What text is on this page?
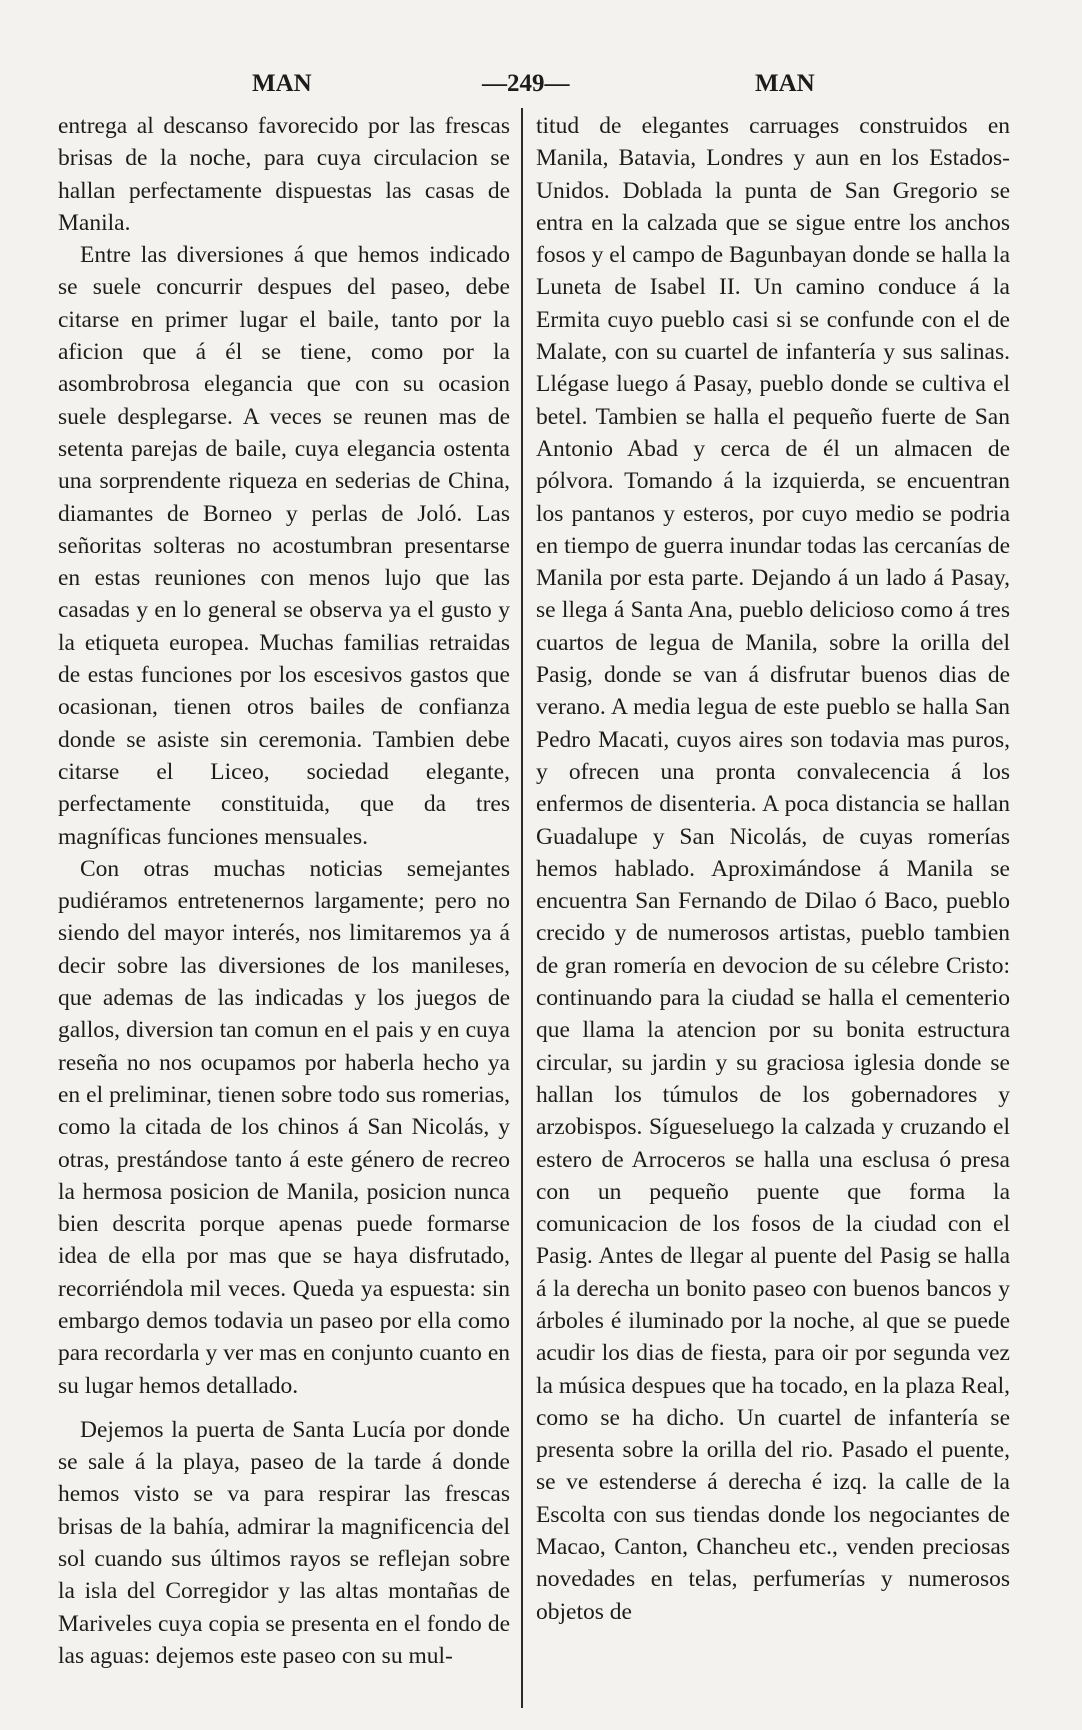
MAN	—249—	MAN

entrega al descanso favorecido por las frescas brisas de la noche, para cuya circulacion se hallan perfectamente dispuestas las casas de Manila.

Entre las diversiones á que hemos indicado se suele concurrir despues del paseo, debe citarse en primer lugar el baile, tanto por la aficion que á él se tiene, como por la asombrobrosa elegancia que con su ocasion suele desplegarse. A veces se reunen mas de setenta parejas de baile, cuya elegancia ostenta una sorprendente riqueza en sederias de China, diamantes de Borneo y perlas de Joló. Las señoritas solteras no acostumbran presentarse en estas reuniones con menos lujo que las casadas y en lo general se observa ya el gusto y la etiqueta europea. Muchas familias retraidas de estas funciones por los escesivos gastos que ocasionan, tienen otros bailes de confianza donde se asiste sin ceremonia. Tambien debe citarse el Liceo, sociedad elegante, perfectamente constituida, que da tres magníficas funciones mensuales.

Con otras muchas noticias semejantes pudiéramos entretenernos largamente; pero no siendo del mayor interés, nos limitaremos ya á decir sobre las diversiones de los manileses, que ademas de las indicadas y los juegos de gallos, diversion tan comun en el pais y en cuya reseña no nos ocupamos por haberla hecho ya en el preliminar, tienen sobre todo sus romerias, como la citada de los chinos á San Nicolás, y otras, prestándose tanto á este género de recreo la hermosa posicion de Manila, posicion nunca bien descrita porque apenas puede formarse idea de ella por mas que se haya disfrutado, recorriéndola mil veces. Queda ya espuesta: sin embargo demos todavia un paseo por ella como para recordarla y ver mas en conjunto cuanto en su lugar hemos detallado.

Dejemos la puerta de Santa Lucía por donde se sale á la playa, paseo de la tarde á donde hemos visto se va para respirar las frescas brisas de la bahía, admirar la magnificencia del sol cuando sus últimos rayos se reflejan sobre la isla del Corregidor y las altas montañas de Mariveles cuya copia se presenta en el fondo de las aguas: dejemos este paseo con su mul-

titud de elegantes carruages construidos en Manila, Batavia, Londres y aun en los Estados-Unidos. Doblada la punta de San Gregorio se entra en la calzada que se sigue entre los anchos fosos y el campo de Bagunbayan donde se halla la Luneta de Isabel II. Un camino conduce á la Ermita cuyo pueblo casi si se confunde con el de Malate, con su cuartel de infantería y sus salinas. Llégase luego á Pasay, pueblo donde se cultiva el betel. Tambien se halla el pequeño fuerte de San Antonio Abad y cerca de él un almacen de pólvora. Tomando á la izquierda, se encuentran los pantanos y esteros, por cuyo medio se podria en tiempo de guerra inundar todas las cercanías de Manila por esta parte. Dejando á un lado á Pasay, se llega á Santa Ana, pueblo delicioso como á tres cuartos de legua de Manila, sobre la orilla del Pasig, donde se van á disfrutar buenos dias de verano. A media legua de este pueblo se halla San Pedro Macati, cuyos aires son todavia mas puros, y ofrecen una pronta convalecencia á los enfermos de disenteria. A poca distancia se hallan Guadalupe y San Nicolás, de cuyas romerías hemos hablado. Aproximándose á Manila se encuentra San Fernando de Dilao ó Baco, pueblo crecido y de numerosos artistas, pueblo tambien de gran romería en devocion de su célebre Cristo: continuando para la ciudad se halla el cementerio que llama la atencion por su bonita estructura circular, su jardin y su graciosa iglesia donde se hallan los túmulos de los gobernadores y arzobispos. Sígueseluego la calzada y cruzando el estero de Arroceros se halla una esclusa ó presa con un pequeño puente que forma la comunicacion de los fosos de la ciudad con el Pasig. Antes de llegar al puente del Pasig se halla á la derecha un bonito paseo con buenos bancos y árboles é iluminado por la noche, al que se puede acudir los dias de fiesta, para oir por segunda vez la música despues que ha tocado, en la plaza Real, como se ha dicho. Un cuartel de infantería se presenta sobre la orilla del rio. Pasado el puente, se ve estenderse á derecha é izq. la calle de la Escolta con sus tiendas donde los negociantes de Macao, Canton, Chancheu etc., venden preciosas novedades en telas, perfumerías y numerosos objetos de
